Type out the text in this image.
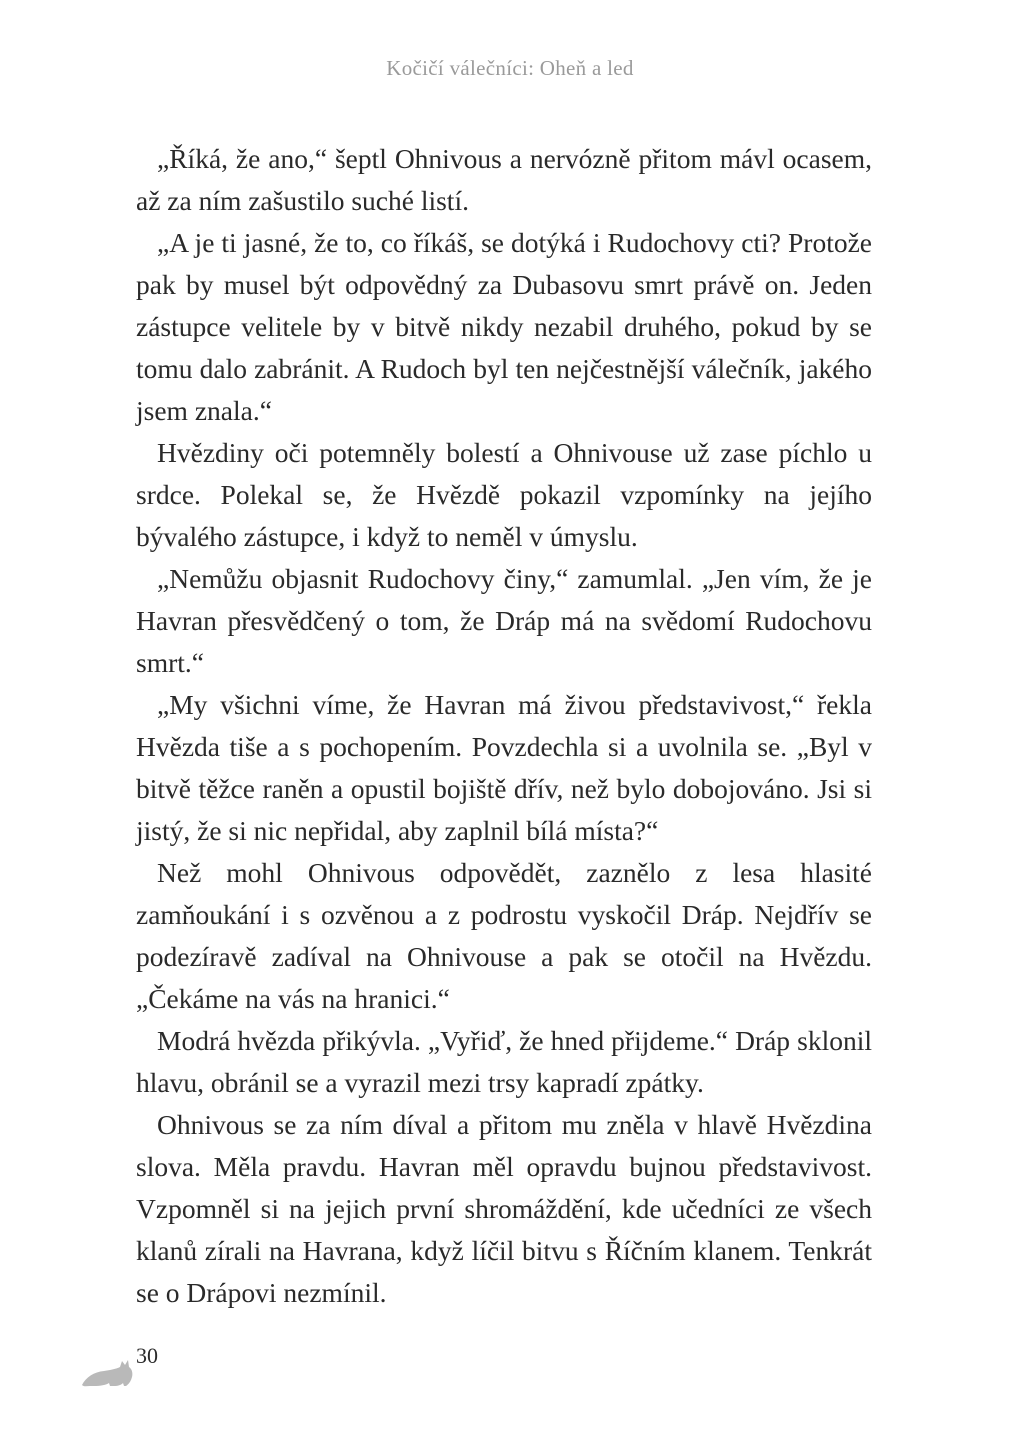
Kočičí válečníci: Oheň a led

„Říká, že ano,“ šeptl Ohnivous a nervózně přitom mávl ocasem, až za ním zašustilo suché listí.

„A je ti jasné, že to, co říkáš, se dotýká i Rudochovy cti? Protože pak by musel být odpovědný za Dubasovu smrt právě on. Jeden zástupce velitele by v bitvě nikdy nezabil druhého, pokud by se tomu dalo zabránit. A Rudoch byl ten nejčestnější válečník, jakého jsem znala.“

Hvězdiny oči potemněly bolestí a Ohnivouse už zase píchlo u srdce. Polekal se, že Hvězdě pokazil vzpomínky na jejího bývalého zástupce, i když to neměl v úmyslu.

„Nemůžu objasnit Rudochovy činy,“ zamumlal. „Jen vím, že je Havran přesvědčený o tom, že Dráp má na svědomí Rudochovu smrt.“

„My všichni víme, že Havran má živou představivost,“ řekla Hvězda tiše a s pochopením. Povzdechla si a uvolnila se. „Byl v bitvě těžce raněn a opustil bojiště dřív, než bylo dobojováno. Jsi si jistý, že si nic nepřidal, aby zaplnil bílá místa?“

Než mohl Ohnivous odpovědět, zaznělo z lesa hlasité zamňoukání i s ozvěnou a z podrostu vyskočil Dráp. Nejdřív se podezíravě zadíval na Ohnivouse a pak se otočil na Hvězdu. „Čekáme na vás na hranici.“

Modrá hvězda přikývla. „Vyřiď, že hned přijdeme.“ Dráp sklonil hlavu, obránil se a vyrazil mezi trsy kapradí zpátky.

Ohnivous se za ním díval a přitom mu zněla v hlavě Hvězdina slova. Měla pravdu. Havran měl opravdu bujnou představivost. Vzpomněl si na jejich první shromáždění, kde učedníci ze všech klanů zírali na Havrana, když líčil bitvu s Říčním klanem. Tenkrát se o Drápovi nezmínil.

30
